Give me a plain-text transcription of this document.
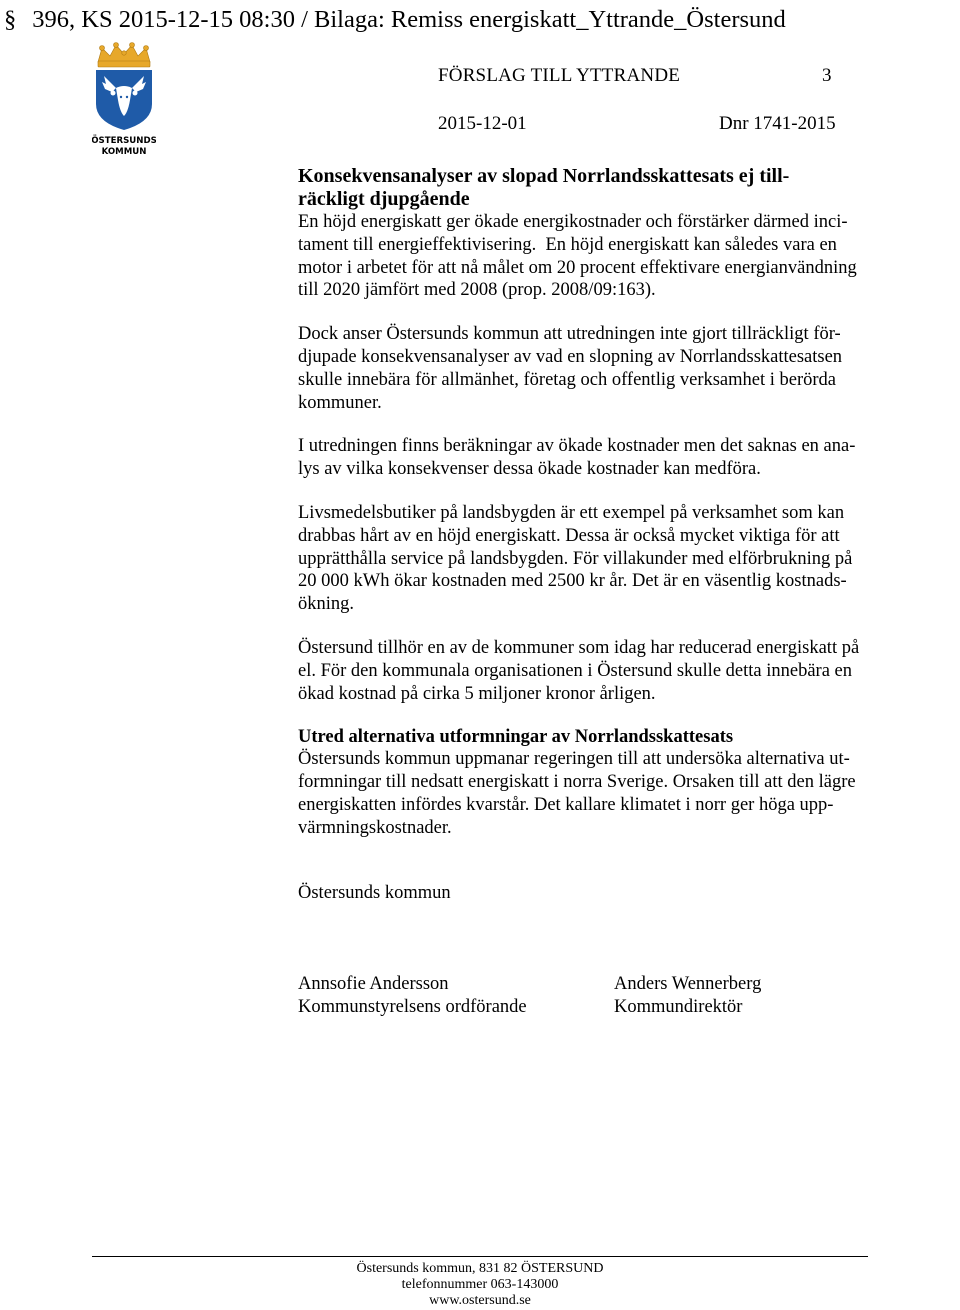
§ 396, KS 2015-12-15 08:30 / Bilaga: Remiss energiskatt_Yttrande_Östersund
ÖSTERSUNDS
KOMMUN
FÖRSLAG TILL YTTRANDE	3
2015-12-01	Dnr 1741-2015
Konsekvensanalyser av slopad Norrlandsskattesats ej till-
räckligt djupgående
En höjd energiskatt ger ökade energikostnader och förstärker därmed inci-
tament till energieffektivisering.  En höjd energiskatt kan således vara en
motor i arbetet för att nå målet om 20 procent effektivare energianvändning
till 2020 jämfört med 2008 (prop. 2008/09:163).
Dock anser Östersunds kommun att utredningen inte gjort tillräckligt för-
djupade konsekvensanalyser av vad en slopning av Norrlandsskattesatsen
skulle innebära för allmänhet, företag och offentlig verksamhet i berörda
kommuner.
I utredningen finns beräkningar av ökade kostnader men det saknas en ana-
lys av vilka konsekvenser dessa ökade kostnader kan medföra.
Livsmedelsbutiker på landsbygden är ett exempel på verksamhet som kan
drabbas hårt av en höjd energiskatt. Dessa är också mycket viktiga för att
upprätthålla service på landsbygden. För villakunder med elförbrukning på
20 000 kWh ökar kostnaden med 2500 kr år. Det är en väsentlig kostnads-
ökning.
Östersund tillhör en av de kommuner som idag har reducerad energiskatt på
el. För den kommunala organisationen i Östersund skulle detta innebära en
ökad kostnad på cirka 5 miljoner kronor årligen.
Utred alternativa utformningar av Norrlandsskattesats
Östersunds kommun uppmanar regeringen till att undersöka alternativa ut-
formningar till nedsatt energiskatt i norra Sverige. Orsaken till att den lägre
energiskatten infördes kvarstår. Det kallare klimatet i norr ger höga upp-
värmningskostnader.
Östersunds kommun
Annsofie Andersson
Kommunstyrelsens ordförande
Anders Wennerberg
Kommundirektör
Östersunds kommun, 831 82 ÖSTERSUND
telefonnummer 063-143000
www.ostersund.se
